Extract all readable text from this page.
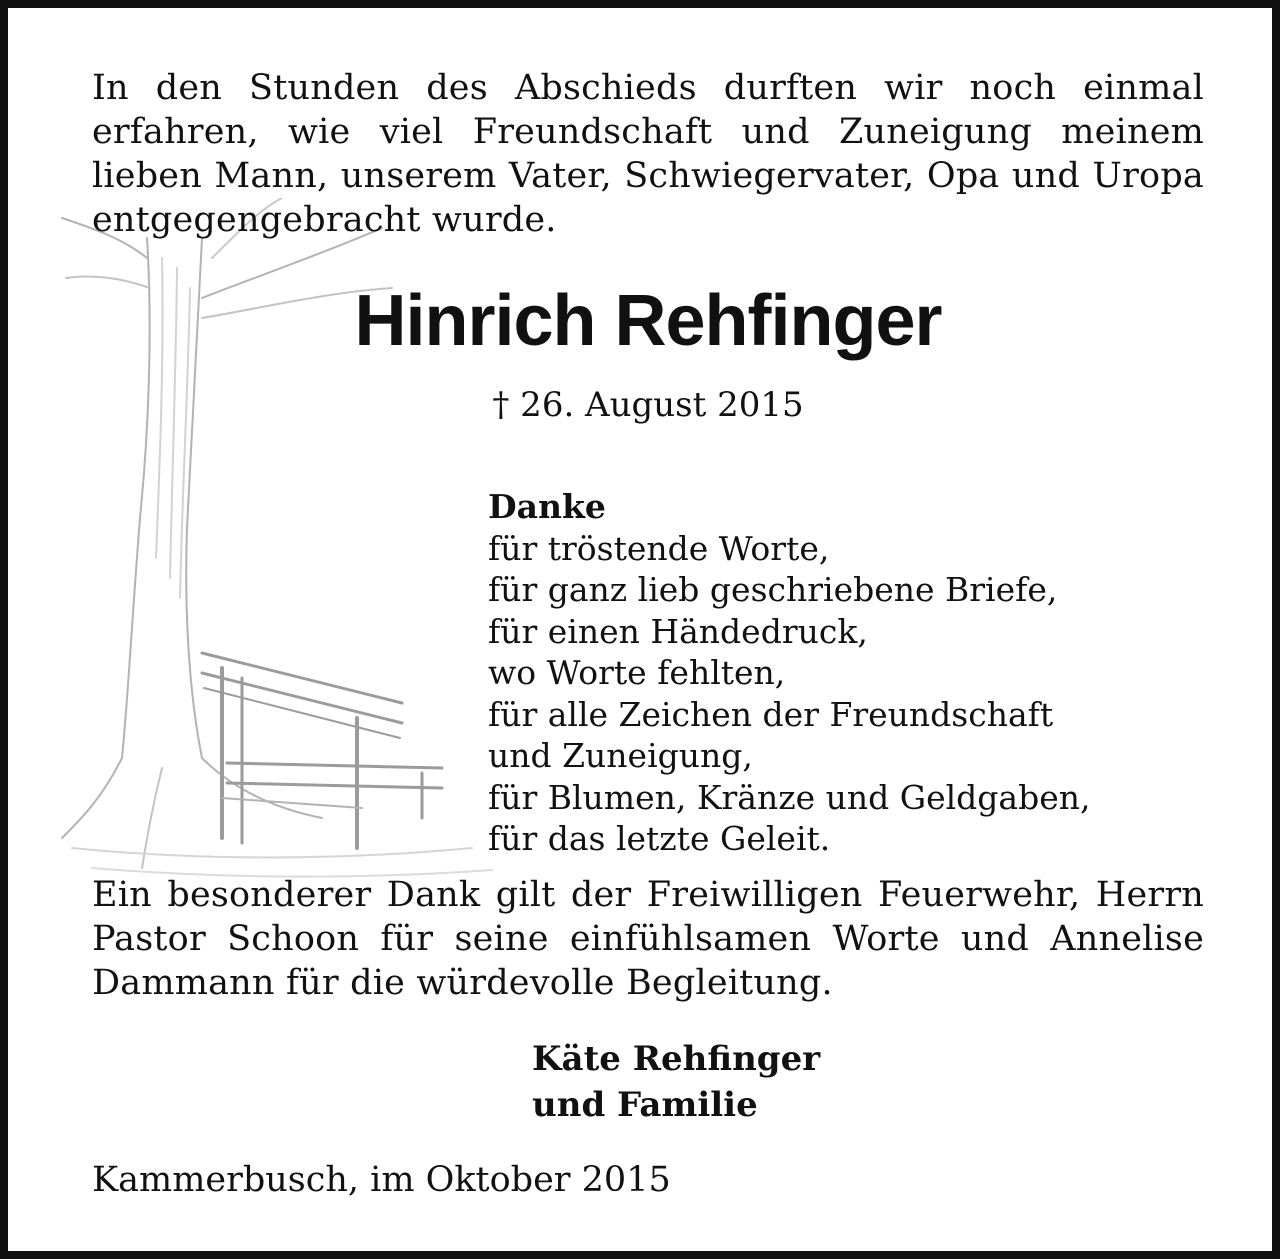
In den Stunden des Abschieds durften wir noch einmal erfahren, wie viel Freundschaft und Zuneigung meinem lieben Mann, unserem Vater, Schwiegervater, Opa und Uropa entgegengebracht wurde.

Hinrich Rehfinger

† 26. August 2015

Danke
für tröstende Worte,
für ganz lieb geschriebene Briefe,
für einen Händedruck,
wo Worte fehlten,
für alle Zeichen der Freundschaft
und Zuneigung,
für Blumen, Kränze und Geldgaben,
für das letzte Geleit.

Ein besonderer Dank gilt der Freiwilligen Feuerwehr, Herrn Pastor Schoon für seine einfühlsamen Worte und Annelise Dammann für die würdevolle Begleitung.

Käte Rehfinger
und Familie

Kammerbusch, im Oktober 2015
